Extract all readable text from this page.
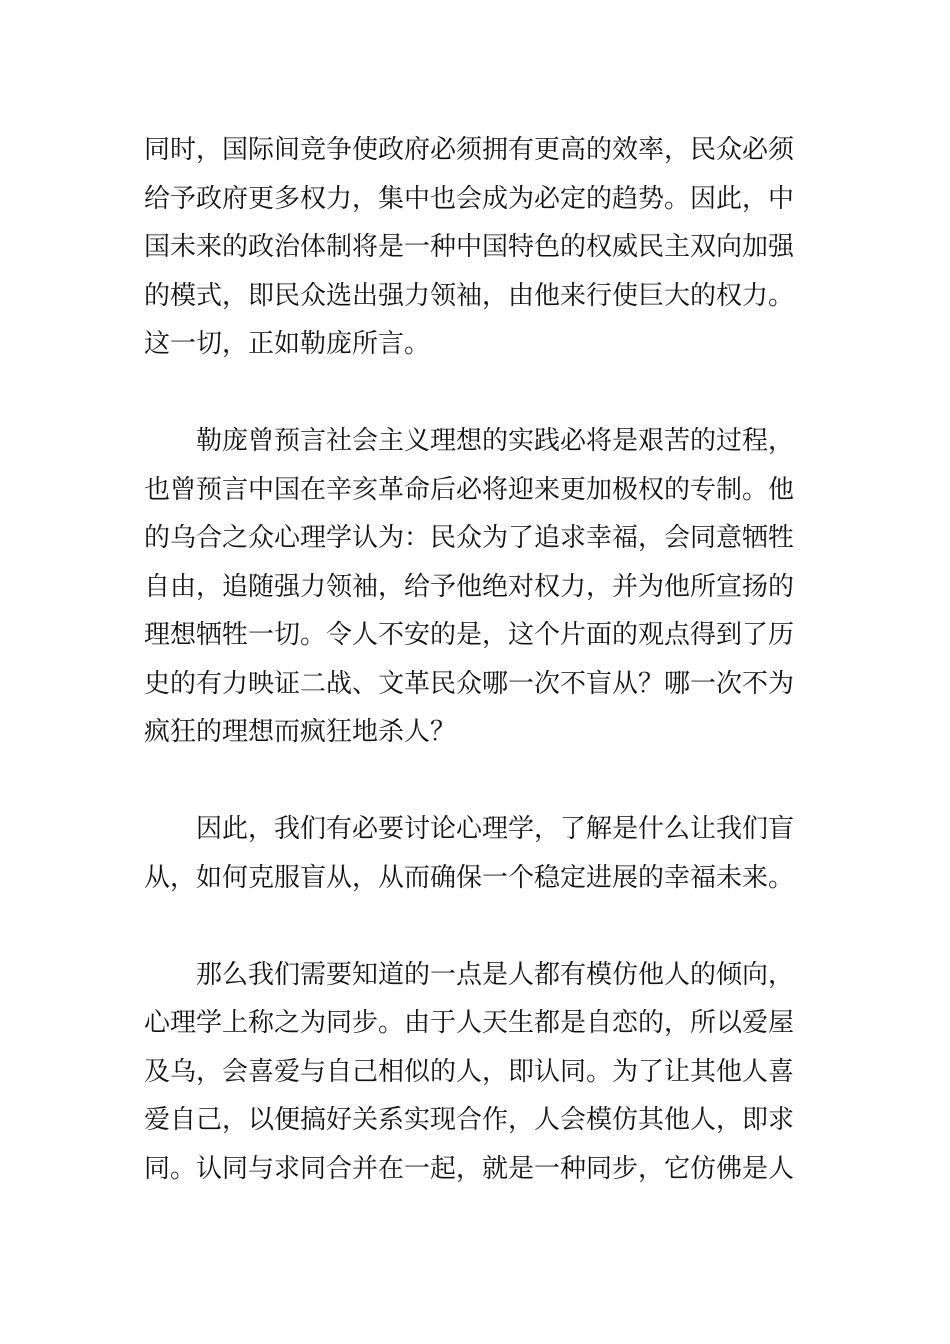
同时，国际间竞争使政府必须拥有更高的效率，民众必须
给予政府更多权力，集中也会成为必定的趋势。因此，中
国未来的政治体制将是一种中国特色的权威民主双向加强
的模式，即民众选出强力领袖，由他来行使巨大的权力。
这一切，正如勒庞所言。
勒庞曾预言社会主义理想的实践必将是艰苦的过程，
也曾预言中国在辛亥革命后必将迎来更加极权的专制。他
的乌合之众心理学认为：民众为了追求幸福，会同意牺牲
自由，追随强力领袖，给予他绝对权力，并为他所宣扬的
理想牺牲一切。令人不安的是，这个片面的观点得到了历
史的有力映证二战、文革民众哪一次不盲从？哪一次不为
疯狂的理想而疯狂地杀人？
因此，我们有必要讨论心理学，了解是什么让我们盲
从，如何克服盲从，从而确保一个稳定进展的幸福未来。
那么我们需要知道的一点是人都有模仿他人的倾向，
心理学上称之为同步。由于人天生都是自恋的，所以爱屋
及乌，会喜爱与自己相似的人，即认同。为了让其他人喜
爱自己，以便搞好关系实现合作，人会模仿其他人，即求
同。认同与求同合并在一起，就是一种同步，它仿佛是人
